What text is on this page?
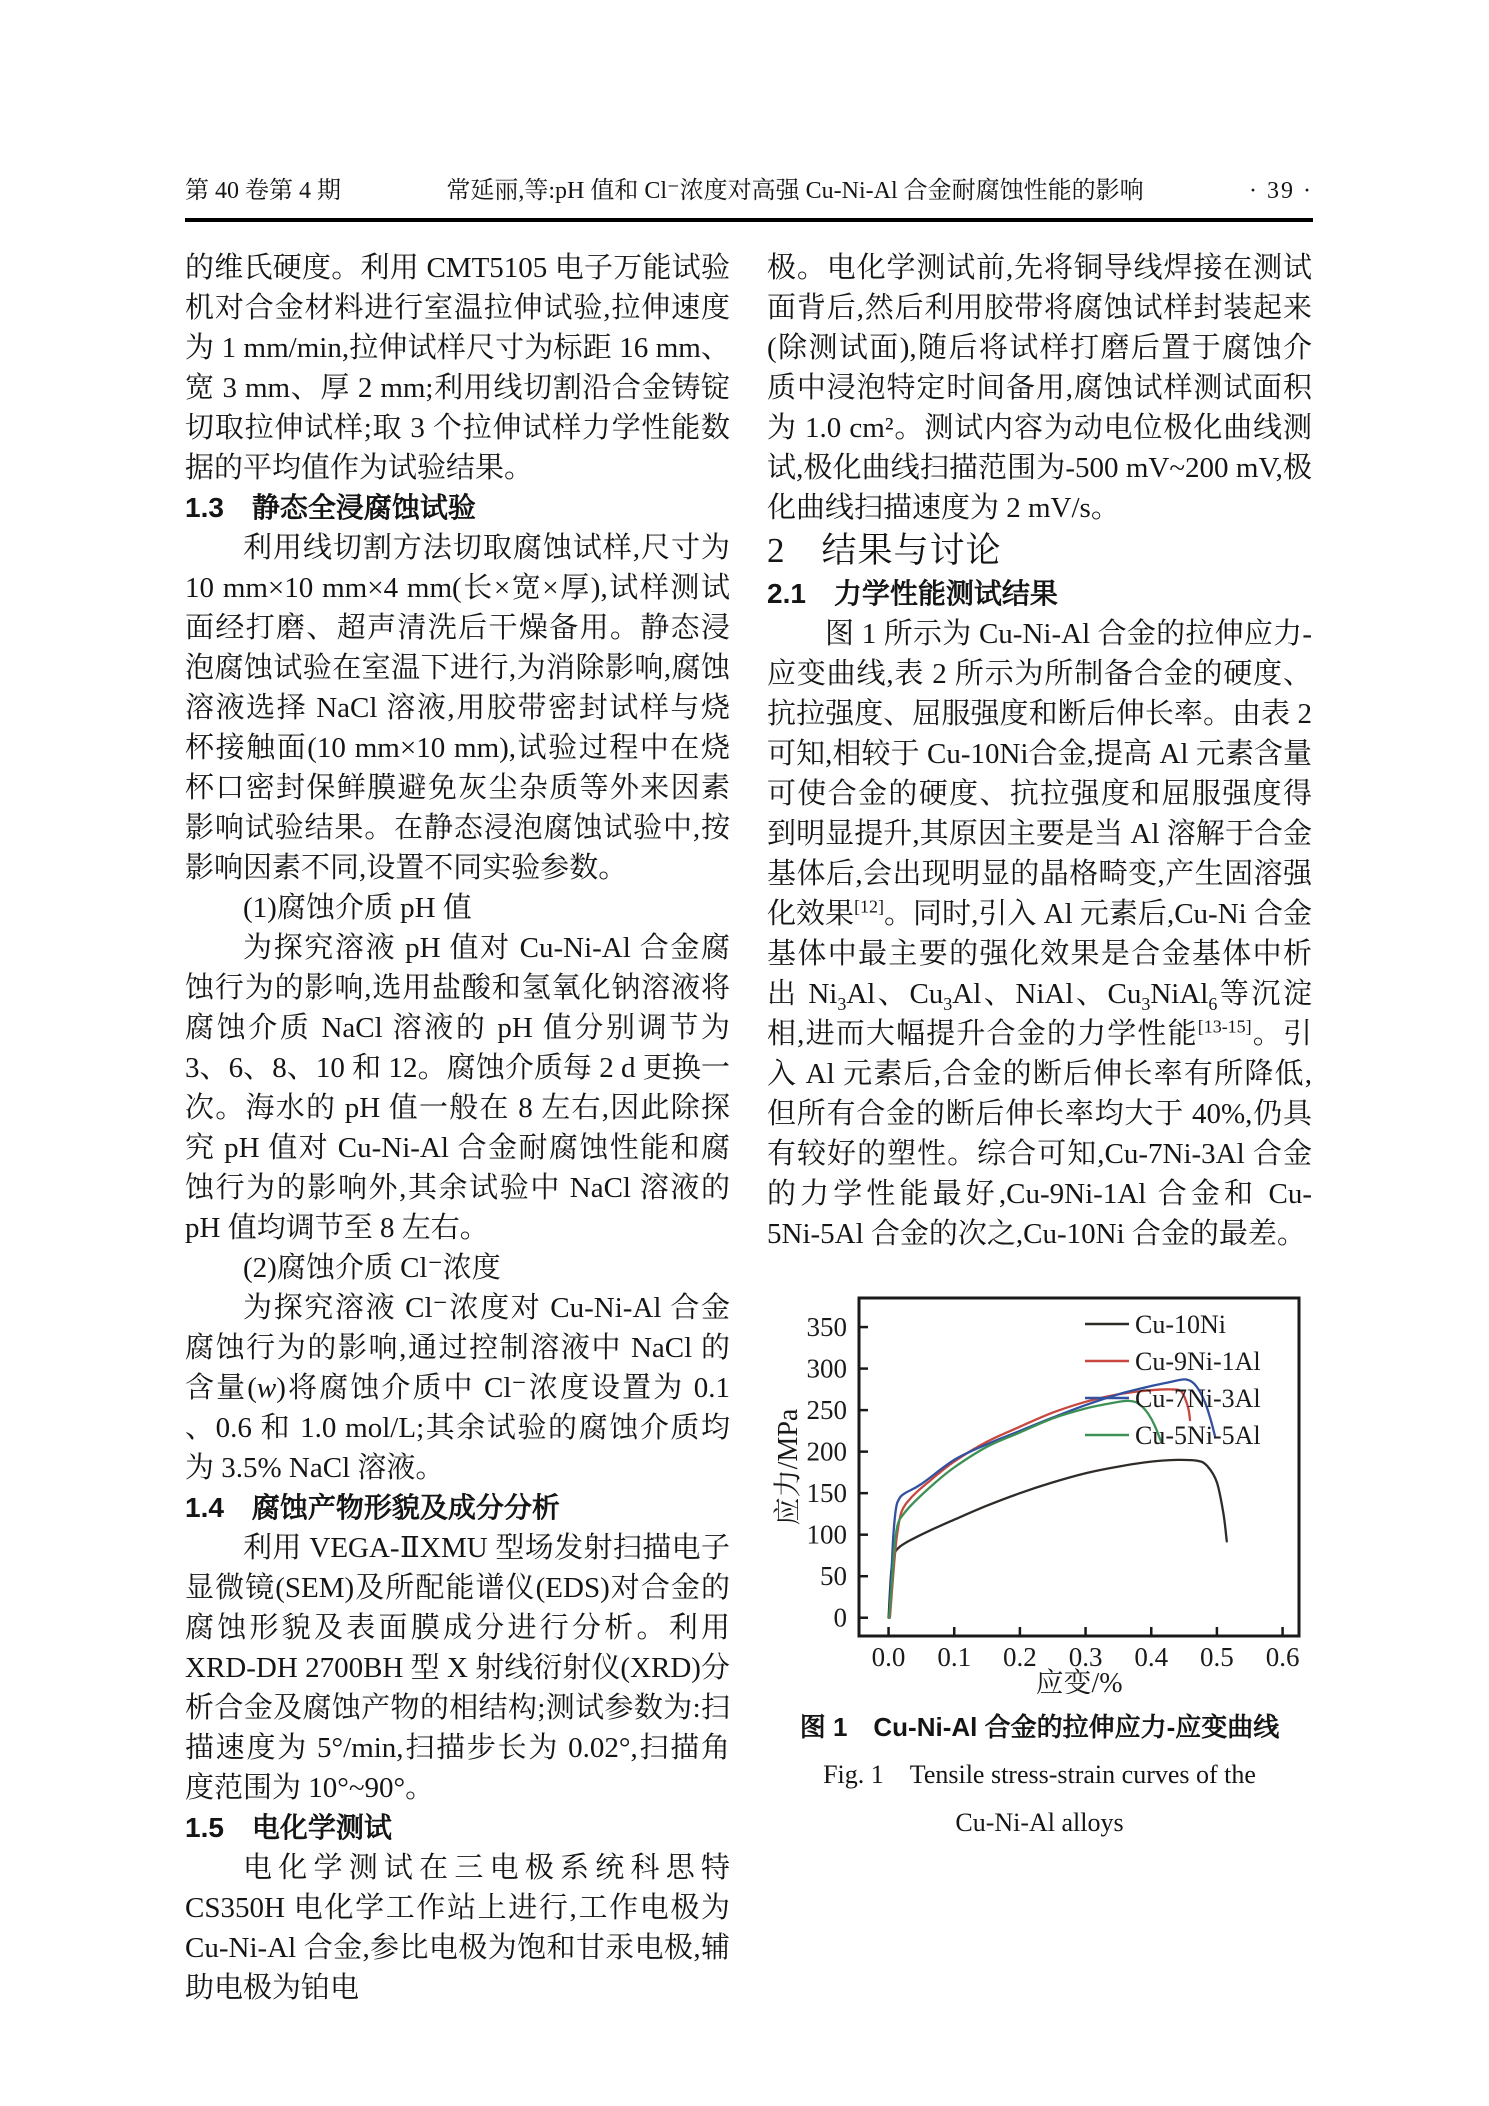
第 40 卷第 4 期	常延丽,等:pH 值和 Cl⁻浓度对高强 Cu-Ni-Al 合金耐腐蚀性能的影响	· 39 ·

的维氏硬度。利用 CMT5105 电子万能试验机对合金材料进行室温拉伸试验,拉伸速度为 1 mm/min,拉伸试样尺寸为标距 16 mm、宽 3 mm、厚 2 mm;利用线切割沿合金铸锭切取拉伸试样;取 3 个拉伸试样力学性能数据的平均值作为试验结果。

1.3　静态全浸腐蚀试验

利用线切割方法切取腐蚀试样,尺寸为 10 mm×10 mm×4 mm(长×宽×厚),试样测试面经打磨、超声清洗后干燥备用。静态浸泡腐蚀试验在室温下进行,为消除影响,腐蚀溶液选择 NaCl 溶液,用胶带密封试样与烧杯接触面(10 mm×10 mm),试验过程中在烧杯口密封保鲜膜避免灰尘杂质等外来因素影响试验结果。在静态浸泡腐蚀试验中,按影响因素不同,设置不同实验参数。

(1)腐蚀介质 pH 值

为探究溶液 pH 值对 Cu-Ni-Al 合金腐蚀行为的影响,选用盐酸和氢氧化钠溶液将腐蚀介质 NaCl 溶液的 pH 值分别调节为 3、6、8、10 和 12。腐蚀介质每 2 d 更换一次。海水的 pH 值一般在 8 左右,因此除探究 pH 值对 Cu-Ni-Al 合金耐腐蚀性能和腐蚀行为的影响外,其余试验中 NaCl 溶液的 pH 值均调节至 8 左右。

(2)腐蚀介质 Cl⁻浓度

为探究溶液 Cl⁻浓度对 Cu-Ni-Al 合金腐蚀行为的影响,通过控制溶液中 NaCl 的含量(w)将腐蚀介质中 Cl⁻浓度设置为 0.1 、0.6 和 1.0 mol/L;其余试验的腐蚀介质均为 3.5% NaCl 溶液。

1.4　腐蚀产物形貌及成分分析

利用 VEGA-ⅡXMU 型场发射扫描电子显微镜(SEM)及所配能谱仪(EDS)对合金的腐蚀形貌及表面膜成分进行分析。利用 XRD-DH 2700BH 型 X 射线衍射仪(XRD)分析合金及腐蚀产物的相结构;测试参数为:扫描速度为 5°/min,扫描步长为 0.02°,扫描角度范围为 10°~90°。

1.5　电化学测试

电化学测试在三电极系统科思特 CS350H 电化学工作站上进行,工作电极为 Cu-Ni-Al 合金,参比电极为饱和甘汞电极,辅助电极为铂电

极。电化学测试前,先将铜导线焊接在测试面背后,然后利用胶带将腐蚀试样封装起来(除测试面),随后将试样打磨后置于腐蚀介质中浸泡特定时间备用,腐蚀试样测试面积为 1.0 cm²。测试内容为动电位极化曲线测试,极化曲线扫描范围为-500 mV~200 mV,极化曲线扫描速度为 2 mV/s。

2　结果与讨论

2.1　力学性能测试结果

图 1 所示为 Cu-Ni-Al 合金的拉伸应力-应变曲线,表 2 所示为所制备合金的硬度、抗拉强度、屈服强度和断后伸长率。由表 2 可知,相较于 Cu-10Ni合金,提高 Al 元素含量可使合金的硬度、抗拉强度和屈服强度得到明显提升,其原因主要是当 Al 溶解于合金基体后,会出现明显的晶格畸变,产生固溶强化效果[12]。同时,引入 Al 元素后,Cu-Ni 合金基体中最主要的强化效果是合金基体中析出 $Ni_3Al$、$Cu_3Al$、NiAl、$Cu_3NiAl_6$等沉淀相,进而大幅提升合金的力学性能[13-15]。引入 Al 元素后,合金的断后伸长率有所降低,但所有合金的断后伸长率均大于 40%,仍具有较好的塑性。综合可知,Cu-7Ni-3Al 合金的力学性能最好,Cu-9Ni-1Al 合金和 Cu-5Ni-5Al 合金的次之,Cu-10Ni 合金的最差。

0.0 0.1 0.2 0.3 0.4 0.5 0.6
0
50
100
150
200
250
300
350
应变/%
应力/MPa
Cu-10Ni
Cu-9Ni-1Al
Cu-7Ni-3Al
Cu-5Ni-5Al
图 1　Cu-Ni-Al 合金的拉伸应力-应变曲线
Fig. 1　Tensile stress-strain curves of the
Cu-Ni-Al alloys
